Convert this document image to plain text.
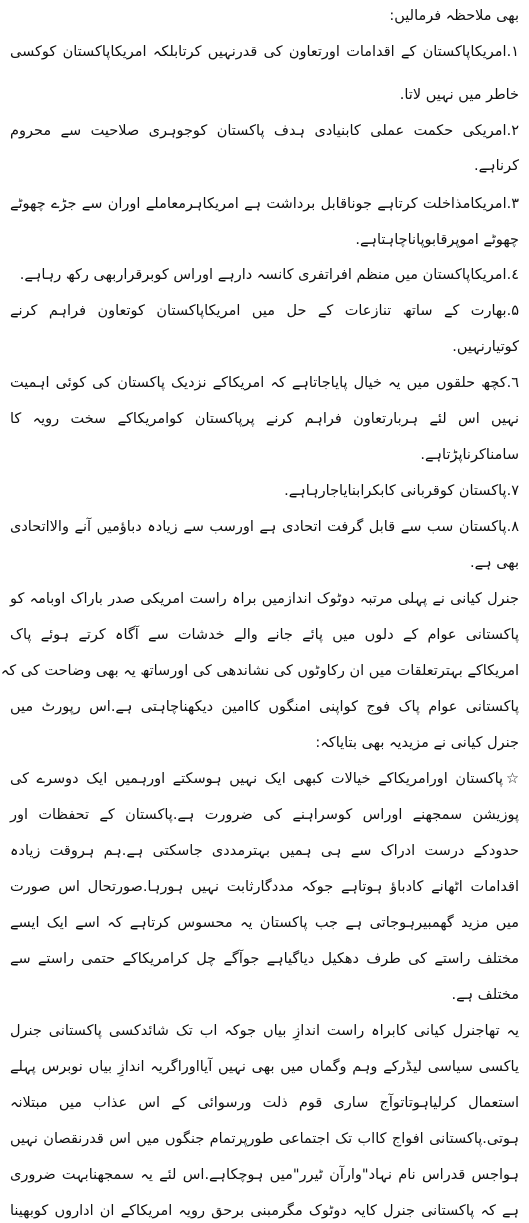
بھی ملاحظہ فرمالیں:
۱.امریکاپاکستان کے اقدامات اورتعاون کی قدرنہیں کرتابلکہ امریکاپاکستان کوکسی
خاطر میں نہیں لاتا.
۲.امریکی حکمت عملی کابنیادی ہدف پاکستان کوجوہری صلاحیت سے محروم
کرناہے.
۳.امریکامذاخلت کرتاہے جوناقابل برداشت ہے امریکاہرمعاملے اوران سے جڑے چھوٹے
چھوٹے اموپرقابوپاناچاہتاہے.
٤.امریکاپاکستان میں منظم افراتفری کانسہ دارہے اوراس کوبرقراربھی رکھ رہاہے.
۵.بھارت کے ساتھ تنازعات کے حل میں امریکاپاکستان کوتعاون فراہم کرنے
کوتیارنہیں.
٦.کچھ حلقوں میں یہ خیال پایاجاتاہے کہ امریکاکے نزدیک پاکستان کی کوئی اہمیت
نہیں اس لئے ہربارتعاون فراہم کرنے پرپاکستان کوامریکاکے سخت رویہ کا
سامناکرناپڑتاہے.
۷.پاکستان کوقربانی کابکرابنایاجارہاہے.
۸.پاکستان سب سے قابل گرفت اتحادی ہے اورسب سے زیادہ دباؤمیں آنے والااتحادی
بھی ہے.
جنرل کیانی نے پہلی مرتبہ دوٹوک اندازمیں براہ راست امریکی صدر باراک اوبامہ کو
پاکستانی عوام کے دلوں میں پائے جانے والے خدشات سے آگاہ کرتے ہوئے پاک
امریکاکے بہترتعلقات میں ان رکاوٹوں کی نشاندھی کی اورساتھ یہ بھی وضاحت کی کہ
پاکستانی عوام پاک فوج کواپنی امنگوں کاامین دیکھناچاہتی ہے.اس رپورٹ میں
جنرل کیانی نے مزیدیہ بھی بتایاکہ:
☆پاکستان اورامریکاکے خیالات کبھی ایک نہیں ہوسکتے اورہمیں ایک دوسرے کی
پوزیشن سمجھنے اوراس کوسراہنے کی ضرورت ہے.پاکستان کے تحفظات اور
حدودکے درست ادراک سے ہی ہمیں بہترمددی جاسکتی ہے.ہم ہروقت زیادہ
اقدامات اٹھانے کادباؤ ہوتاہے جوکہ مددگارثابت نہیں ہورہا.صورتحال اس صورت
میں مزید گھمبیرہوجاتی ہے جب پاکستان یہ محسوس کرتاہے کہ اسے ایک ایسے
مختلف راستے کی طرف دھکیل دیاگیاہے جوآگے چل کرامریکاکے حتمی راستے سے
مختلف ہے.
یہ تھاجنرل کیانی کابراہ راست اندازِ بیاں جوکہ اب تک شائدکسی پاکستانی جنرل
یاکسی سیاسی لیڈرکے وہم وگماں میں بھی نہیں آیااوراگریہ اندازِ بیاں نوبرس پہلے
استعمال کرلیاہوتاتوآج ساری قوم ذلت ورسوائی کے اس عذاب میں مبتلانہ
ہوتی.پاکستانی افواج کااب تک اجتماعی طورپرتمام جنگوں میں اس قدرنقصان نہیں
ہواجس قدراس نام نہاد"وارآن ٹیرر"میں ہوچکاہے.اس لئے یہ سمجھنابہت ضروری
ہے کہ پاکستانی جنرل کایہ دوٹوک مگرمبنی برحق رویہ امریکاکے ان اداروں کوبھینا
